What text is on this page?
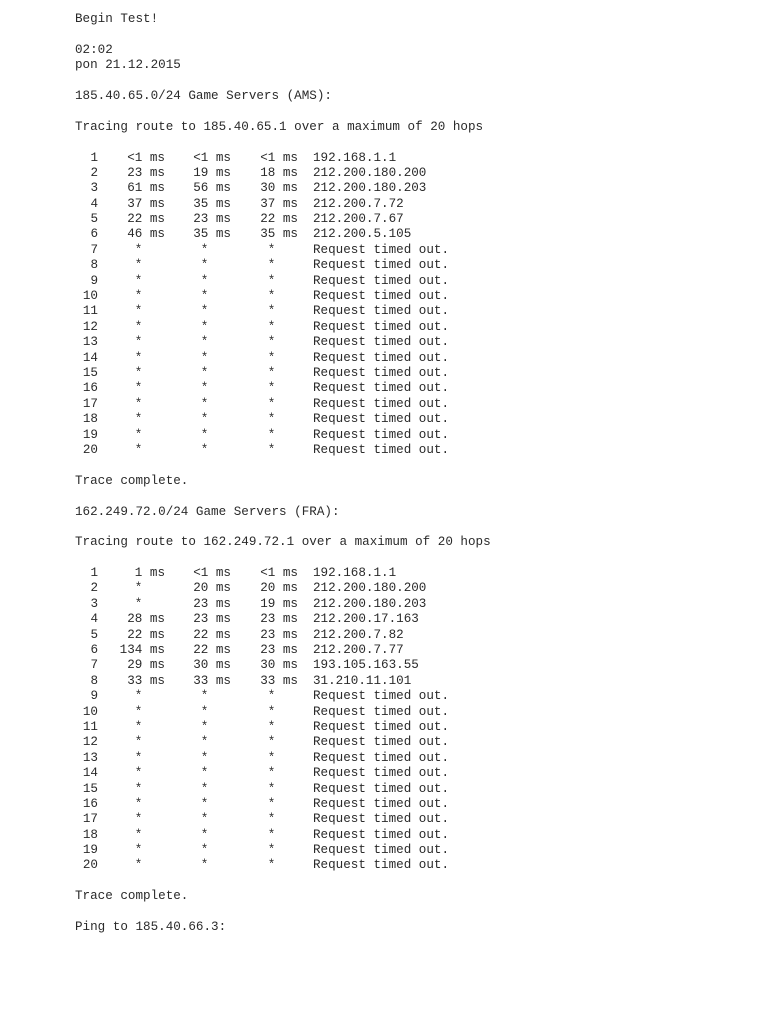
Begin Test!
02:02
pon 21.12.2015
185.40.65.0/24 Game Servers (AMS):
Tracing route to 185.40.65.1 over a maximum of 20 hops
1 <1 ms <1 ms <1 ms 192.168.1.1
2 23 ms 19 ms 18 ms 212.200.180.200
3 61 ms 56 ms 30 ms 212.200.180.203
4 37 ms 35 ms 37 ms 212.200.7.72
5 22 ms 23 ms 22 ms 212.200.7.67
6 46 ms 35 ms 35 ms 212.200.5.105
7	*	*	* Request timed out.
8	*	*	* Request timed out.
9	*	*	* Request timed out.
10	*	*	* Request timed out.
11	*	*	* Request timed out.
12	*	*	* Request timed out.
13	*	*	* Request timed out.
14	*	*	* Request timed out.
15	*	*	* Request timed out.
16	*	*	* Request timed out.
17	*	*	* Request timed out.
18	*	*	* Request timed out.
19	*	*	* Request timed out.
20	*	*	* Request timed out.
Trace complete.
162.249.72.0/24 Game Servers (FRA):
Tracing route to 162.249.72.1 over a maximum of 20 hops
1	1 ms <1 ms <1 ms 192.168.1.1
2	* 20 ms 20 ms 212.200.180.200
3	* 23 ms 19 ms 212.200.180.203
4 28 ms 23 ms 23 ms 212.200.17.163
5 22 ms 22 ms 23 ms 212.200.7.82
6 134 ms 22 ms 23 ms 212.200.7.77
7 29 ms 30 ms 30 ms 193.105.163.55
8 33 ms 33 ms 33 ms 31.210.11.101
9	*	*	* Request timed out.
10	*	*	* Request timed out.
11	*	*	* Request timed out.
12	*	*	* Request timed out.
13	*	*	* Request timed out.
14	*	*	* Request timed out.
15	*	*	* Request timed out.
16	*	*	* Request timed out.
17	*	*	* Request timed out.
18	*	*	* Request timed out.
19	*	*	* Request timed out.
20	*	*	* Request timed out.
Trace complete.
Ping to 185.40.66.3:
